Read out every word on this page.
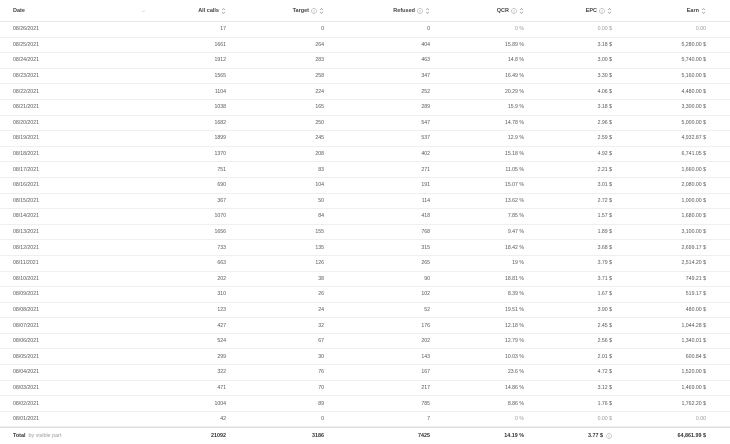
Date	All calls	Target	Refused	QCR	EPC	Earn
08/26/2021	17	0	0	0 %	0.00 $	0.00
08/25/2021	1661	264	404	15.89 %	3.18 $	5,280.00 $
08/24/2021	1912	283	463	14.8 %	3.00 $	5,740.00 $
08/23/2021	1565	258	347	16.49 %	3.30 $	5,160.00 $
08/22/2021	1104	224	252	20.29 %	4.06 $	4,480.00 $
08/21/2021	1038	165	289	15.9 %	3.18 $	3,300.00 $
08/20/2021	1682	250	547	14.78 %	2.96 $	5,000.00 $
08/19/2021	1899	245	537	12.9 %	2.59 $	4,932.87 $
08/18/2021	1370	208	402	15.18 %	4.92 $	6,741.05 $
08/17/2021	751	83	271	11.05 %	2.21 $	1,660.00 $
08/16/2021	690	104	191	15.07 %	3.01 $	2,080.00 $
08/15/2021	367	50	114	13.62 %	2.72 $	1,000.00 $
08/14/2021	1070	84	418	7.85 %	1.57 $	1,680.00 $
08/13/2021	1656	155	768	9.47 %	1.89 $	3,100.00 $
08/12/2021	733	135	315	18.42 %	3.68 $	2,699.17 $
08/11/2021	663	126	265	19 %	3.79 $	2,514.20 $
08/10/2021	202	38	90	18.81 %	3.71 $	749.21 $
08/09/2021	310	26	102	8.39 %	1.67 $	519.17 $
08/08/2021	123	24	52	19.51 %	3.90 $	480.00 $
08/07/2021	427	32	176	12.18 %	2.45 $	1,044.28 $
08/06/2021	524	67	202	12.79 %	2.56 $	1,340.01 $
08/05/2021	299	30	143	10.03 %	2.01 $	600.84 $
08/04/2021	322	76	167	23.6 %	4.72 $	1,520.00 $
08/03/2021	471	70	217	14.86 %	3.12 $	1,469.00 $
08/02/2021	1004	89	785	8.86 %	1.76 $	1,762.20 $
08/01/2021	42	0	7	0 %	0.00 $	0.00
Total by visible part	21092	3186	7425	14.19 %	3.77 $	64,861.99 $
